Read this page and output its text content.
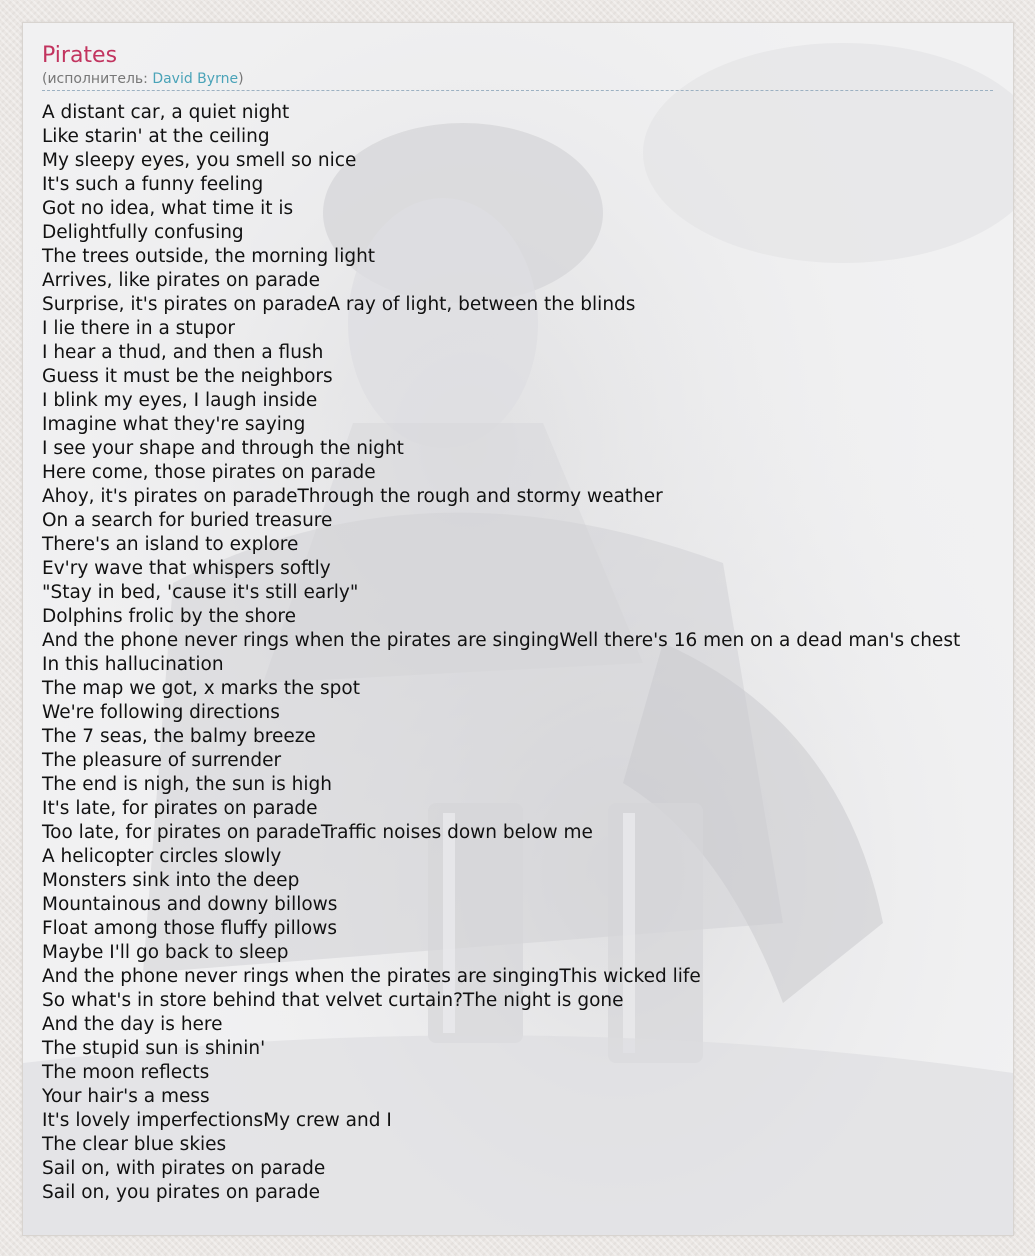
Pirates
(исполнитель: David Byrne)
A distant car, a quiet night
Like starin' at the ceiling
My sleepy eyes, you smell so nice
It's such a funny feeling
Got no idea, what time it is
Delightfully confusing
The trees outside, the morning light
Arrives, like pirates on parade
Surprise, it's pirates on paradeA ray of light, between the blinds
I lie there in a stupor
I hear a thud, and then a flush
Guess it must be the neighbors
I blink my eyes, I laugh inside
Imagine what they're saying
I see your shape and through the night
Here come, those pirates on parade
Ahoy, it's pirates on paradeThrough the rough and stormy weather
On a search for buried treasure
There's an island to explore
Ev'ry wave that whispers softly
"Stay in bed, 'cause it's still early"
Dolphins frolic by the shore
And the phone never rings when the pirates are singingWell there's 16 men on a dead man's chest
In this hallucination
The map we got, x marks the spot
We're following directions
The 7 seas, the balmy breeze
The pleasure of surrender
The end is nigh, the sun is high
It's late, for pirates on parade
Too late, for pirates on paradeTraffic noises down below me
A helicopter circles slowly
Monsters sink into the deep
Mountainous and downy billows
Float among those fluffy pillows
Maybe I'll go back to sleep
And the phone never rings when the pirates are singingThis wicked life
So what's in store behind that velvet curtain?The night is gone
And the day is here
The stupid sun is shinin'
The moon reflects
Your hair's a mess
It's lovely imperfectionsMy crew and I
The clear blue skies
Sail on, with pirates on parade
Sail on, you pirates on parade
